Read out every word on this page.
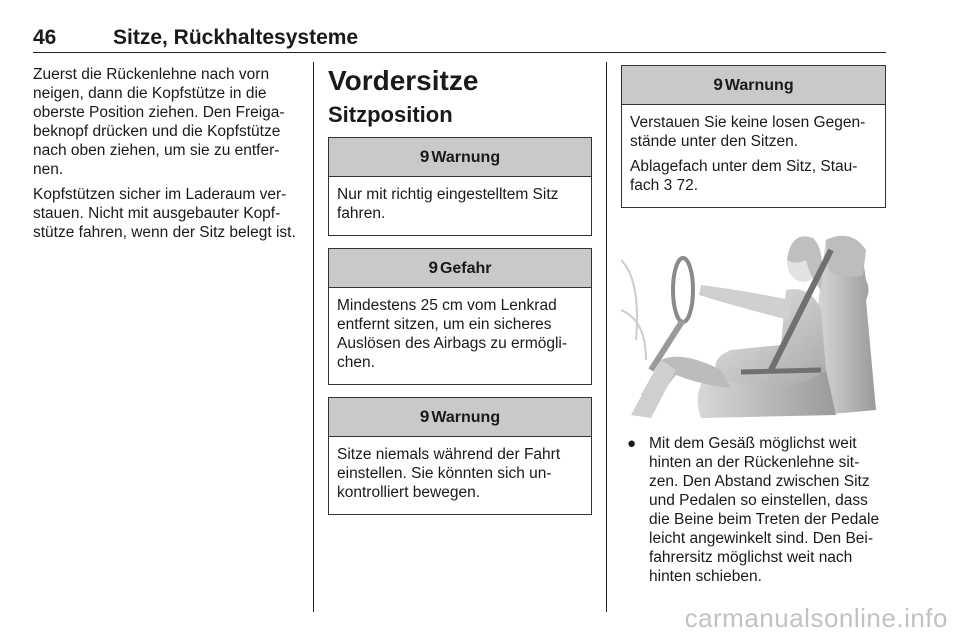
46	Sitze, Rückhaltesysteme

Zuerst die Rückenlehne nach vorn neigen, dann die Kopfstütze in die oberste Position ziehen. Den Freiga- beknopf drücken und die Kopfstütze nach oben ziehen, um sie zu entfer- nen.

Kopfstützen sicher im Laderaum ver- stauen. Nicht mit ausgebauter Kopf- stütze fahren, wenn der Sitz belegt ist.

Vordersitze
Sitzposition
9 Warnung

Nur mit richtig eingestelltem Sitz fahren.

9 Gefahr

Mindestens 25 cm vom Lenkrad entfernt sitzen, um ein sicheres Auslösen des Airbags zu ermögli- chen.

9 Warnung

Sitze niemals während der Fahrt einstellen. Sie könnten sich un- kontrolliert bewegen.

9 Warnung

Verstauen Sie keine losen Gegen- stände unter den Sitzen.

Ablagefach unter dem Sitz, Stau- fach 3 72.

● Mit dem Gesäß möglichst weit hinten an der Rückenlehne sit- zen. Den Abstand zwischen Sitz und Pedalen so einstellen, dass die Beine beim Treten der Pedale leicht angewinkelt sind. Den Bei- fahrersitz möglichst weit nach hinten schieben.
carmanualsonline.info
